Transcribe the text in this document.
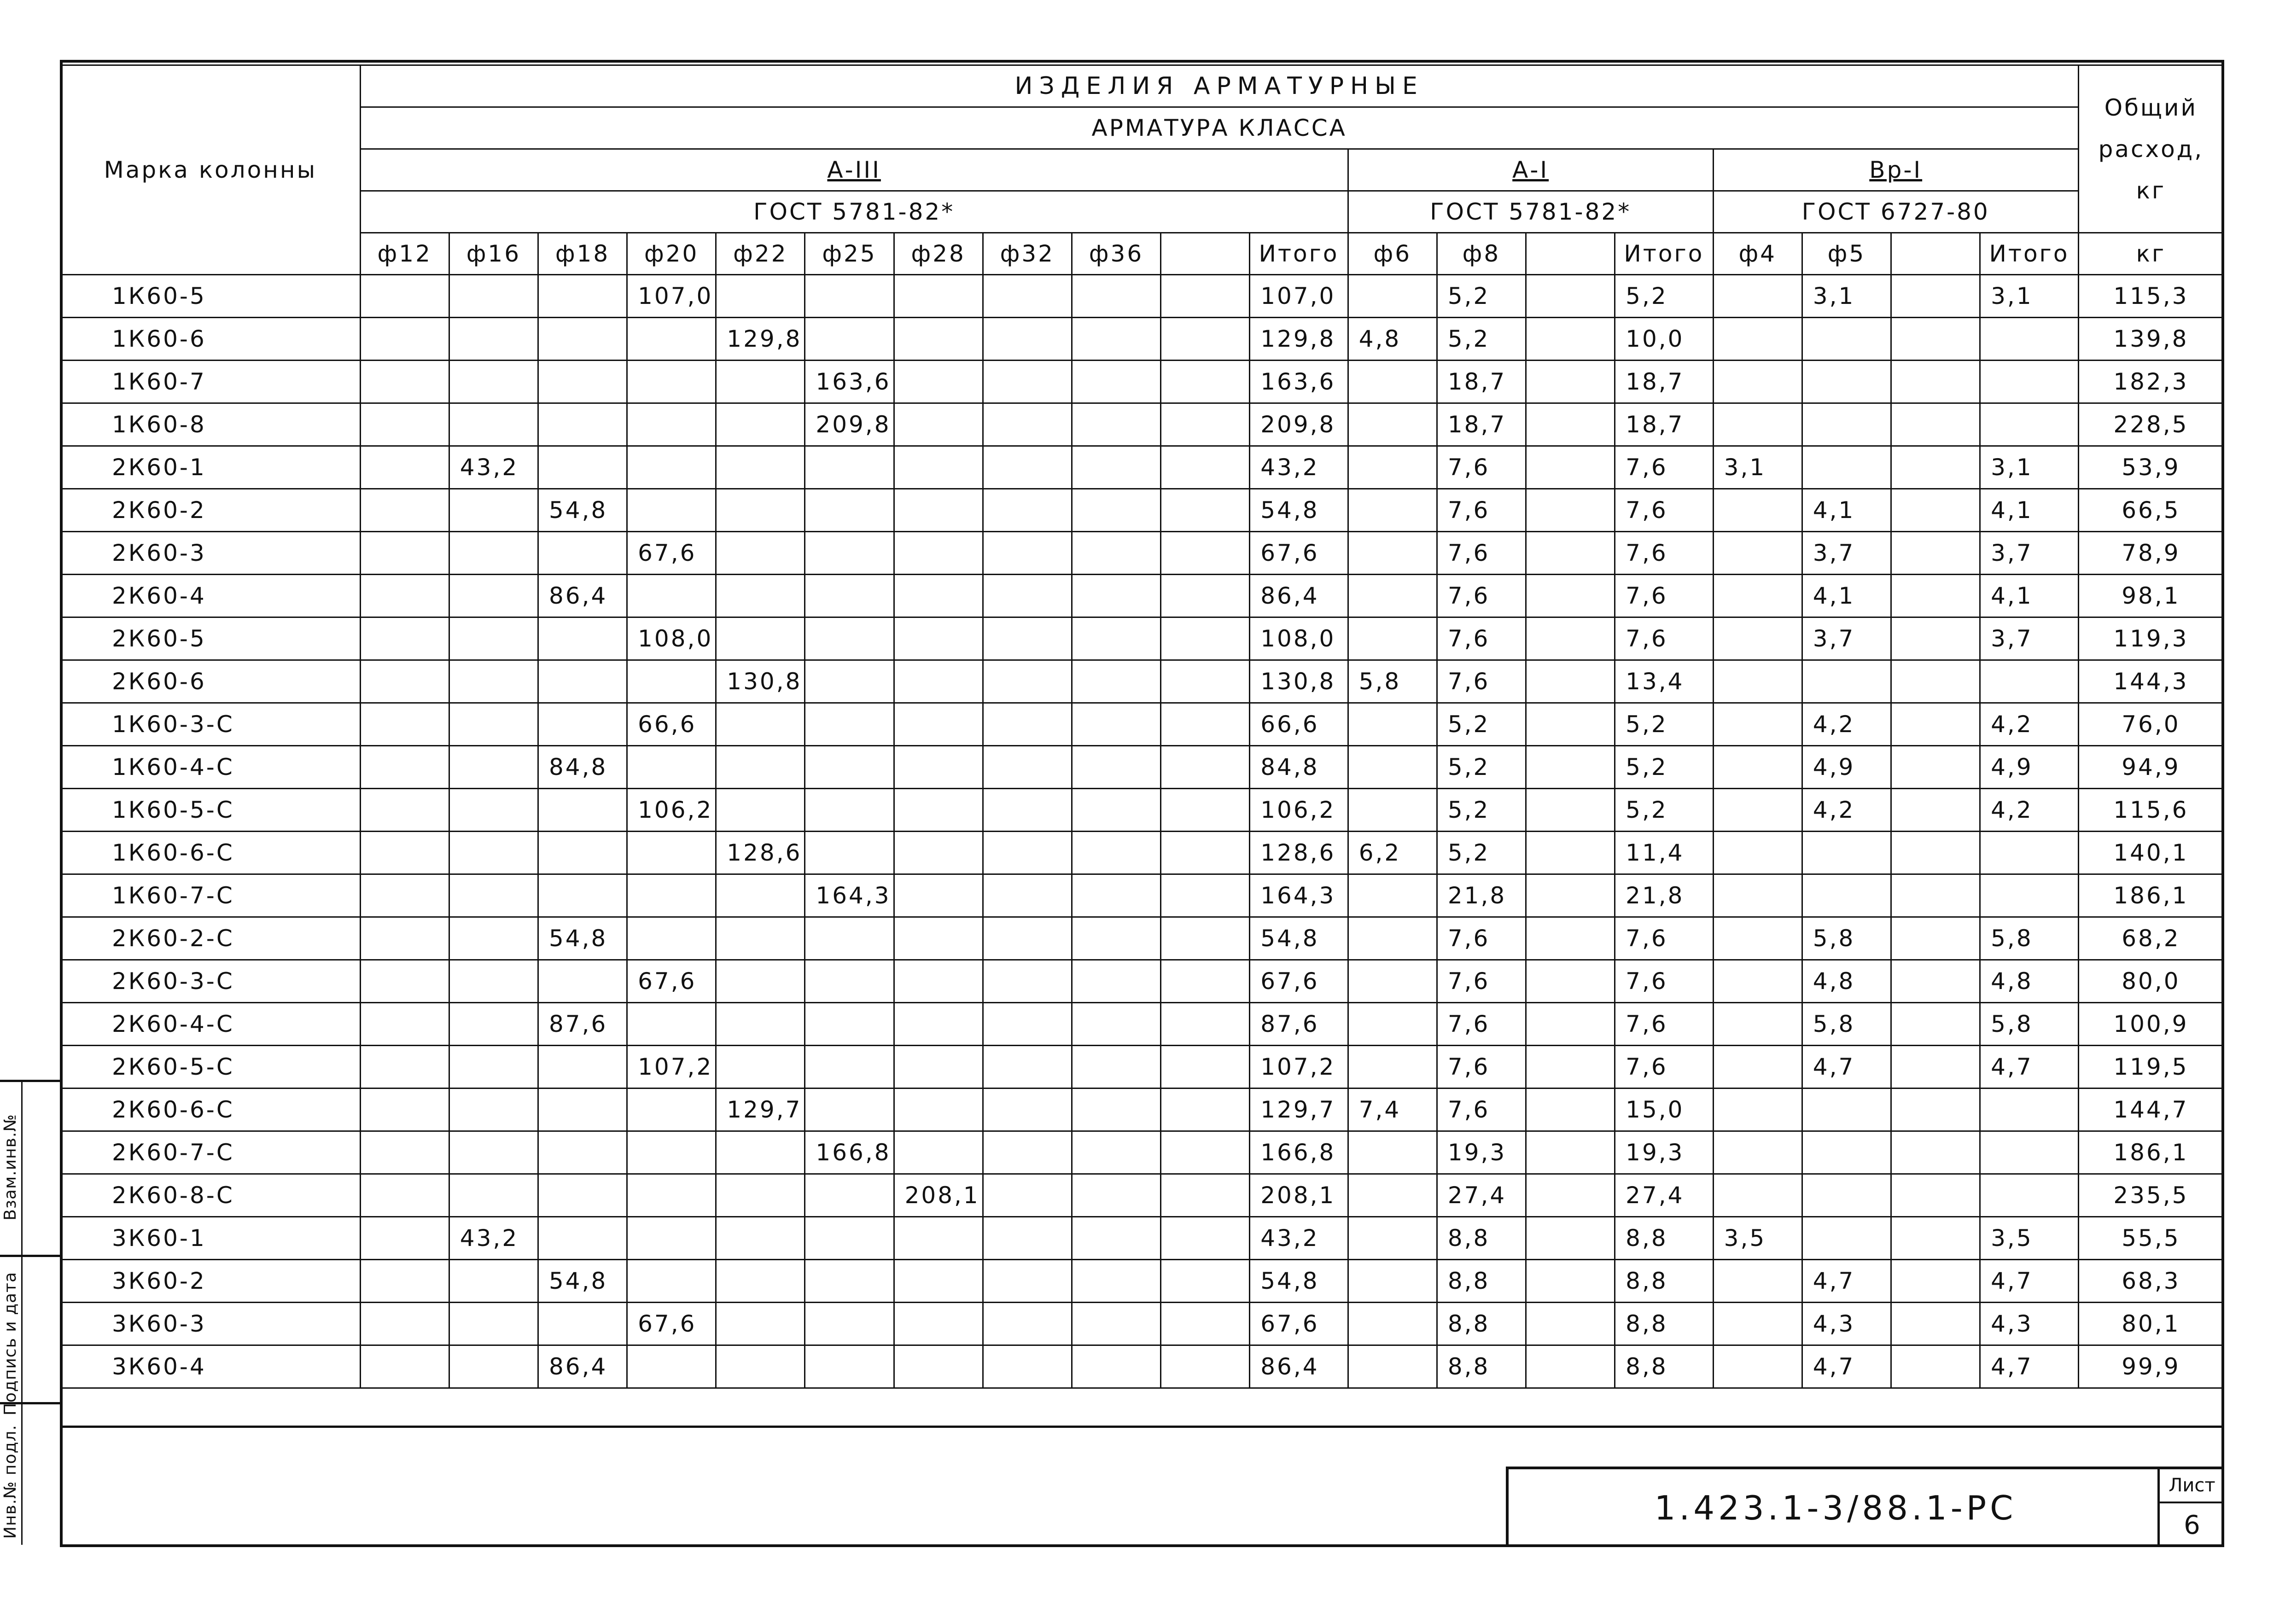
Марка колонны	ИЗДЕЛИЯ АРМАТУРНЫЕ																			Общий расход, кг
	АРМАТУРА КЛАССА																			
	А-III											А-I				Вр-I				
	ГОСТ 5781-82*											ГОСТ 5781-82*				ГОСТ 6727-80				
	ф12	ф16	ф18	ф20	ф22	ф25	ф28	ф32	ф36		Итого	ф6	ф8		Итого	ф4	ф5		Итого	кг
1К60-5				107,0							107,0		5,2		5,2		3,1		3,1	115,3
1К60-6					129,8						129,8	4,8	5,2		10,0					139,8
1К60-7						163,6					163,6		18,7		18,7					182,3
1К60-8						209,8					209,8		18,7		18,7					228,5
2К60-1		43,2									43,2		7,6		7,6	3,1			3,1	53,9
2К60-2			54,8								54,8		7,6		7,6		4,1		4,1	66,5
2К60-3				67,6							67,6		7,6		7,6		3,7		3,7	78,9
2К60-4			86,4								86,4		7,6		7,6		4,1		4,1	98,1
2К60-5				108,0							108,0		7,6		7,6		3,7		3,7	119,3
2К60-6					130,8						130,8	5,8	7,6		13,4					144,3
1К60-3-С				66,6							66,6		5,2		5,2		4,2		4,2	76,0
1К60-4-С			84,8								84,8		5,2		5,2		4,9		4,9	94,9
1К60-5-С				106,2							106,2		5,2		5,2		4,2		4,2	115,6
1К60-6-С					128,6						128,6	6,2	5,2		11,4					140,1
1К60-7-С						164,3					164,3		21,8		21,8					186,1
2К60-2-С			54,8								54,8		7,6		7,6		5,8		5,8	68,2
2К60-3-С				67,6							67,6		7,6		7,6		4,8		4,8	80,0
2К60-4-С			87,6								87,6		7,6		7,6		5,8		5,8	100,9
2К60-5-С				107,2							107,2		7,6		7,6		4,7		4,7	119,5
2К60-6-С					129,7						129,7	7,4	7,6		15,0					144,7
2К60-7-С						166,8					166,8		19,3		19,3					186,1
2К60-8-С							208,1				208,1		27,4		27,4					235,5
3К60-1		43,2									43,2		8,8		8,8	3,5			3,5	55,5
3К60-2			54,8								54,8		8,8		8,8		4,7		4,7	68,3
3К60-3				67,6							67,6		8,8		8,8		4,3		4,3	80,1
3К60-4			86,4								86,4		8,8		8,8		4,7		4,7	99,9
Взам.инв.№
Подпись и дата
Инв.№ подл.	1.423.1-3/88.1-РС
Лист
6
